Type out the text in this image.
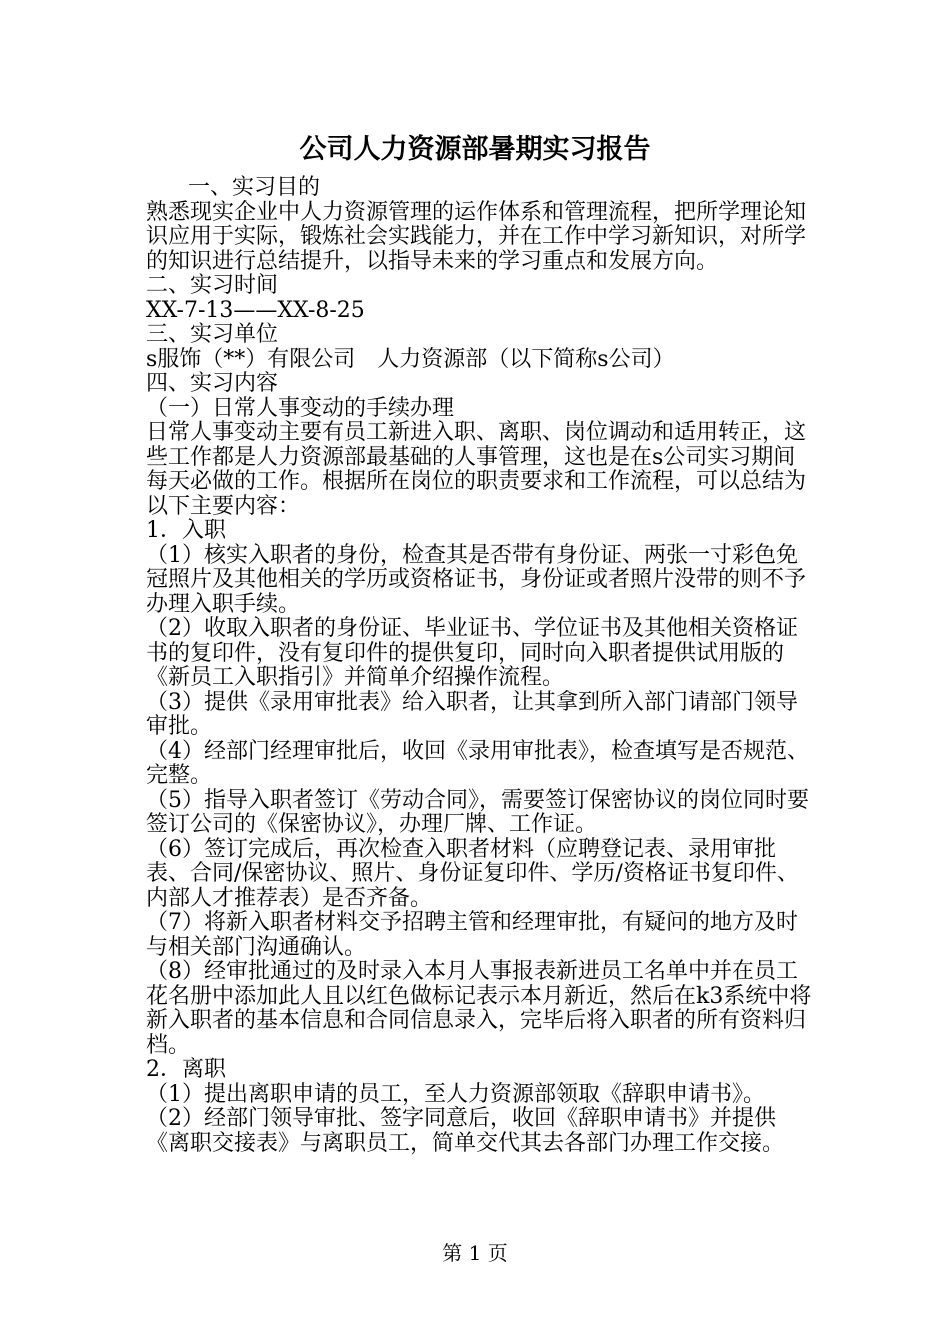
公司人力资源部暑期实习报告

一、实习目的

熟悉现实企业中人力资源管理的运作体系和管理流程，把所学理论知识应用于实际，锻炼社会实践能力，并在工作中学习新知识，对所学的知识进行总结提升，以指导未来的学习重点和发展方向。

二、实习时间

XX-7-13——XX-8-25

三、实习单位

s服饰（**）有限公司　人力资源部（以下简称s公司）

四、实习内容

（一）日常人事变动的手续办理

日常人事变动主要有员工新进入职、离职、岗位调动和适用转正，这些工作都是人力资源部最基础的人事管理，这也是在s公司实习期间每天必做的工作。根据所在岗位的职责要求和工作流程，可以总结为以下主要内容：

1．入职

（1）核实入职者的身份，检查其是否带有身份证、两张一寸彩色免冠照片及其他相关的学历或资格证书，身份证或者照片没带的则不予办理入职手续。

（2）收取入职者的身份证、毕业证书、学位证书及其他相关资格证书的复印件，没有复印件的提供复印，同时向入职者提供试用版的《新员工入职指引》并简单介绍操作流程。

（3）提供《录用审批表》给入职者，让其拿到所入部门请部门领导审批。

（4）经部门经理审批后，收回《录用审批表》，检查填写是否规范、完整。

（5）指导入职者签订《劳动合同》，需要签订保密协议的岗位同时要签订公司的《保密协议》，办理厂牌、工作证。

（6）签订完成后，再次检查入职者材料（应聘登记表、录用审批表、合同/保密协议、照片、身份证复印件、学历/资格证书复印件、内部人才推荐表）是否齐备。

（7）将新入职者材料交予招聘主管和经理审批，有疑问的地方及时与相关部门沟通确认。

（8）经审批通过的及时录入本月人事报表新进员工名单中并在员工花名册中添加此人且以红色做标记表示本月新近，然后在k3系统中将新入职者的基本信息和合同信息录入，完毕后将入职者的所有资料归档。

2．离职

（1）提出离职申请的员工，至人力资源部领取《辞职申请书》。

（2）经部门领导审批、签字同意后，收回《辞职申请书》并提供《离职交接表》与离职员工，简单交代其去各部门办理工作交接。

第 1 页
